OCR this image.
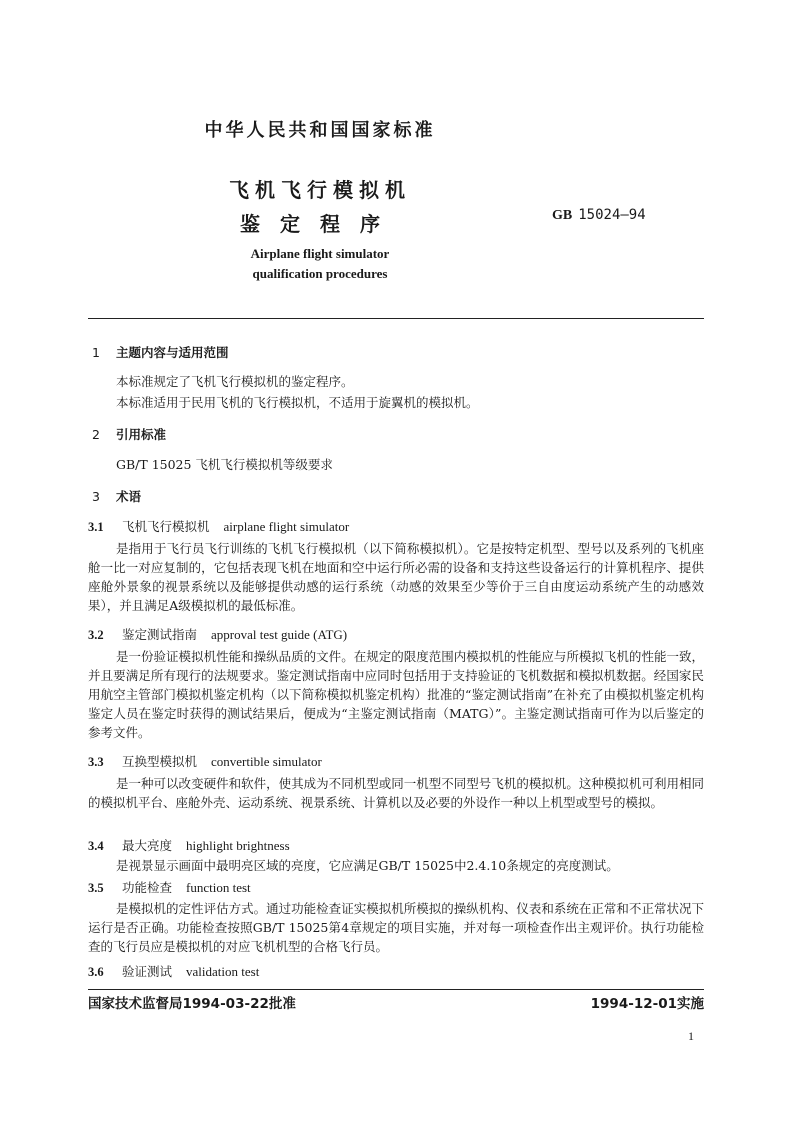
中华人民共和国国家标准
飞机飞行模拟机
鉴定程序	GB 15024—94
Airplane flight simulator
qualification procedures
1 主题内容与适用范围
本标准规定了飞机飞行模拟机的鉴定程序。
本标准适用于民用飞机的飞行模拟机，不适用于旋翼机的模拟机。
2 引用标准
GB/T 15025 飞机飞行模拟机等级要求
3 术语
3.1 飞机飞行模拟机 airplane flight simulator
是指用于飞行员飞行训练的飞机飞行模拟机（以下简称模拟机）。它是按特定机型、型号以及系列的飞机座舱一比一对应复制的，它包括表现飞机在地面和空中运行所必需的设备和支持这些设备运行的计算机程序、提供座舱外景象的视景系统以及能够提供动感的运行系统（动感的效果至少等价于三自由度运动系统产生的动感效果），并且满足A级模拟机的最低标准。
3.2 鉴定测试指南 approval test guide (ATG)
是一份验证模拟机性能和操纵品质的文件。在规定的限度范围内模拟机的性能应与所模拟飞机的性能一致，并且要满足所有现行的法规要求。鉴定测试指南中应同时包括用于支持验证的飞机数据和模拟机数据。经国家民用航空主管部门模拟机鉴定机构（以下简称模拟机鉴定机构）批准的“鉴定测试指南”在补充了由模拟机鉴定机构鉴定人员在鉴定时获得的测试结果后，便成为“主鉴定测试指南（MATG）”。主鉴定测试指南可作为以后鉴定的参考文件。
3.3 互换型模拟机 convertible simulator
是一种可以改变硬件和软件，使其成为不同机型或同一机型不同型号飞机的模拟机。这种模拟机可利用相同的模拟机平台、座舱外壳、运动系统、视景系统、计算机以及必要的外设作一种以上机型或型号的模拟。
3.4 最大亮度 highlight brightness
是视景显示画面中最明亮区域的亮度，它应满足GB/T 15025中2.4.10条规定的亮度测试。
3.5 功能检查 function test
是模拟机的定性评估方式。通过功能检查证实模拟机所模拟的操纵机构、仪表和系统在正常和不正常状况下运行是否正确。功能检查按照GB/T 15025第4章规定的项目实施，并对每一项检查作出主观评价。执行功能检查的飞行员应是模拟机的对应飞机机型的合格飞行员。
3.6 验证测试 validation test
国家技术监督局1994-03-22批准	1994-12-01实施
1
